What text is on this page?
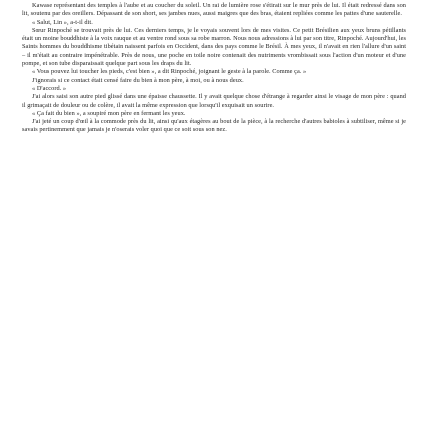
Kawase représentant des temples à l'aube et au coucher du soleil. Un rai de lumière rose s'étirait sur le mur près de lui. Il était redressé dans son lit, soutenu par des oreillers. Dépassant de son short, ses jambes nues, aussi maigres que des bras, étaient repliées comme les pattes d'une sauterelle.

« Salut, Lin », a-t-il dit.

Sœur Rinpoché se trouvait près de lui. Ces derniers temps, je le voyais souvent lors de mes visites. Ce petit Brésilien aux yeux bruns pétillants était un moine bouddhiste à la voix rauque et au ventre rond sous sa robe marron. Nous nous adressions à lui par son titre, Rinpoché. Aujourd'hui, les Saints hommes du bouddhisme tibétain naissent parfois en Occident, dans des pays comme le Brésil. À mes yeux, il n'avait en rien l'allure d'un saint – il m'était au contraire impénétrable. Près de nous, une poche en toile noire contenait des nutriments vrombissait sous l'action d'un moteur et d'une pompe, et son tube disparaissait quelque part sous les draps du lit.

« Vous pouvez lui toucher les pieds, c'est bien », a dit Rinpoché, joignant le geste à la parole. Comme ça. »

J'ignorais si ce contact était censé faire du bien à mon père, à moi, ou à nous deux.

« D'accord. »

J'ai alors saisi son autre pied glissé dans une épaisse chaussette. Il y avait quelque chose d'étrange à regarder ainsi le visage de mon père : quand il grimaçait de douleur ou de colère, il avait la même expression que lorsqu'il exquisait un sourire.

« Ça fait du bien », a soupiré mon père en fermant les yeux.

J'ai jeté un coup d'œil à la commode près du lit, ainsi qu'aux étagères au bout de la pièce, à la recherche d'autres babioles à subtiliser, même si je savais pertinemment que jamais je n'oserais voler quoi que ce soit sous son nez.
